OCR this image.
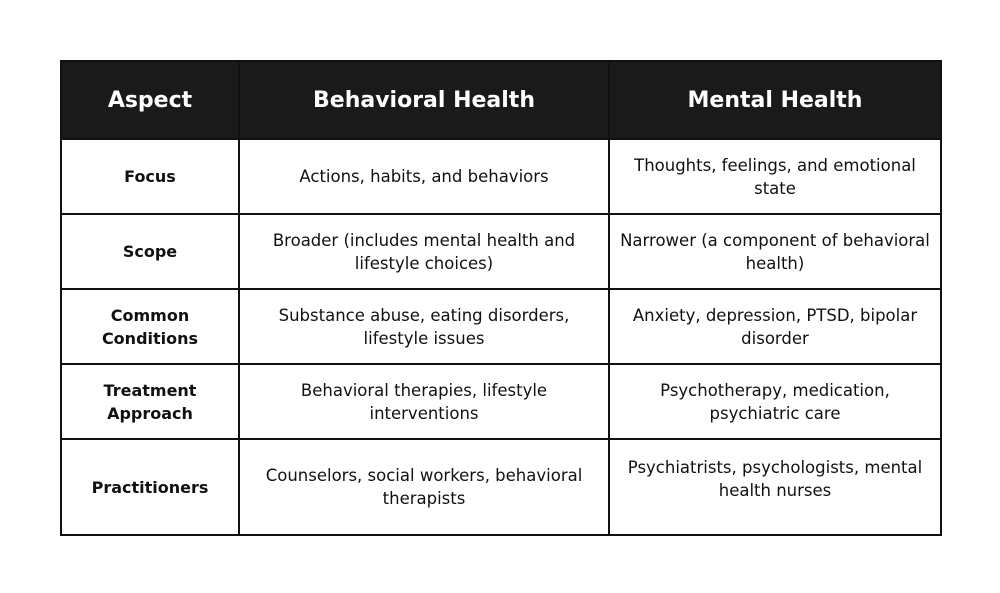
Aspect	Behavioral Health	Mental Health
Focus	Actions, habits, and behaviors	Thoughts, feelings, and emotional state
Scope	Broader (includes mental health and lifestyle choices)	Narrower (a component of behavioral health)
Common Conditions	Substance abuse, eating disorders, lifestyle issues	Anxiety, depression, PTSD, bipolar disorder
Treatment Approach	Behavioral therapies, lifestyle interventions	Psychotherapy, medication, psychiatric care
Practitioners	Counselors, social workers, behavioral therapists	Psychiatrists, psychologists, mental health nurses
